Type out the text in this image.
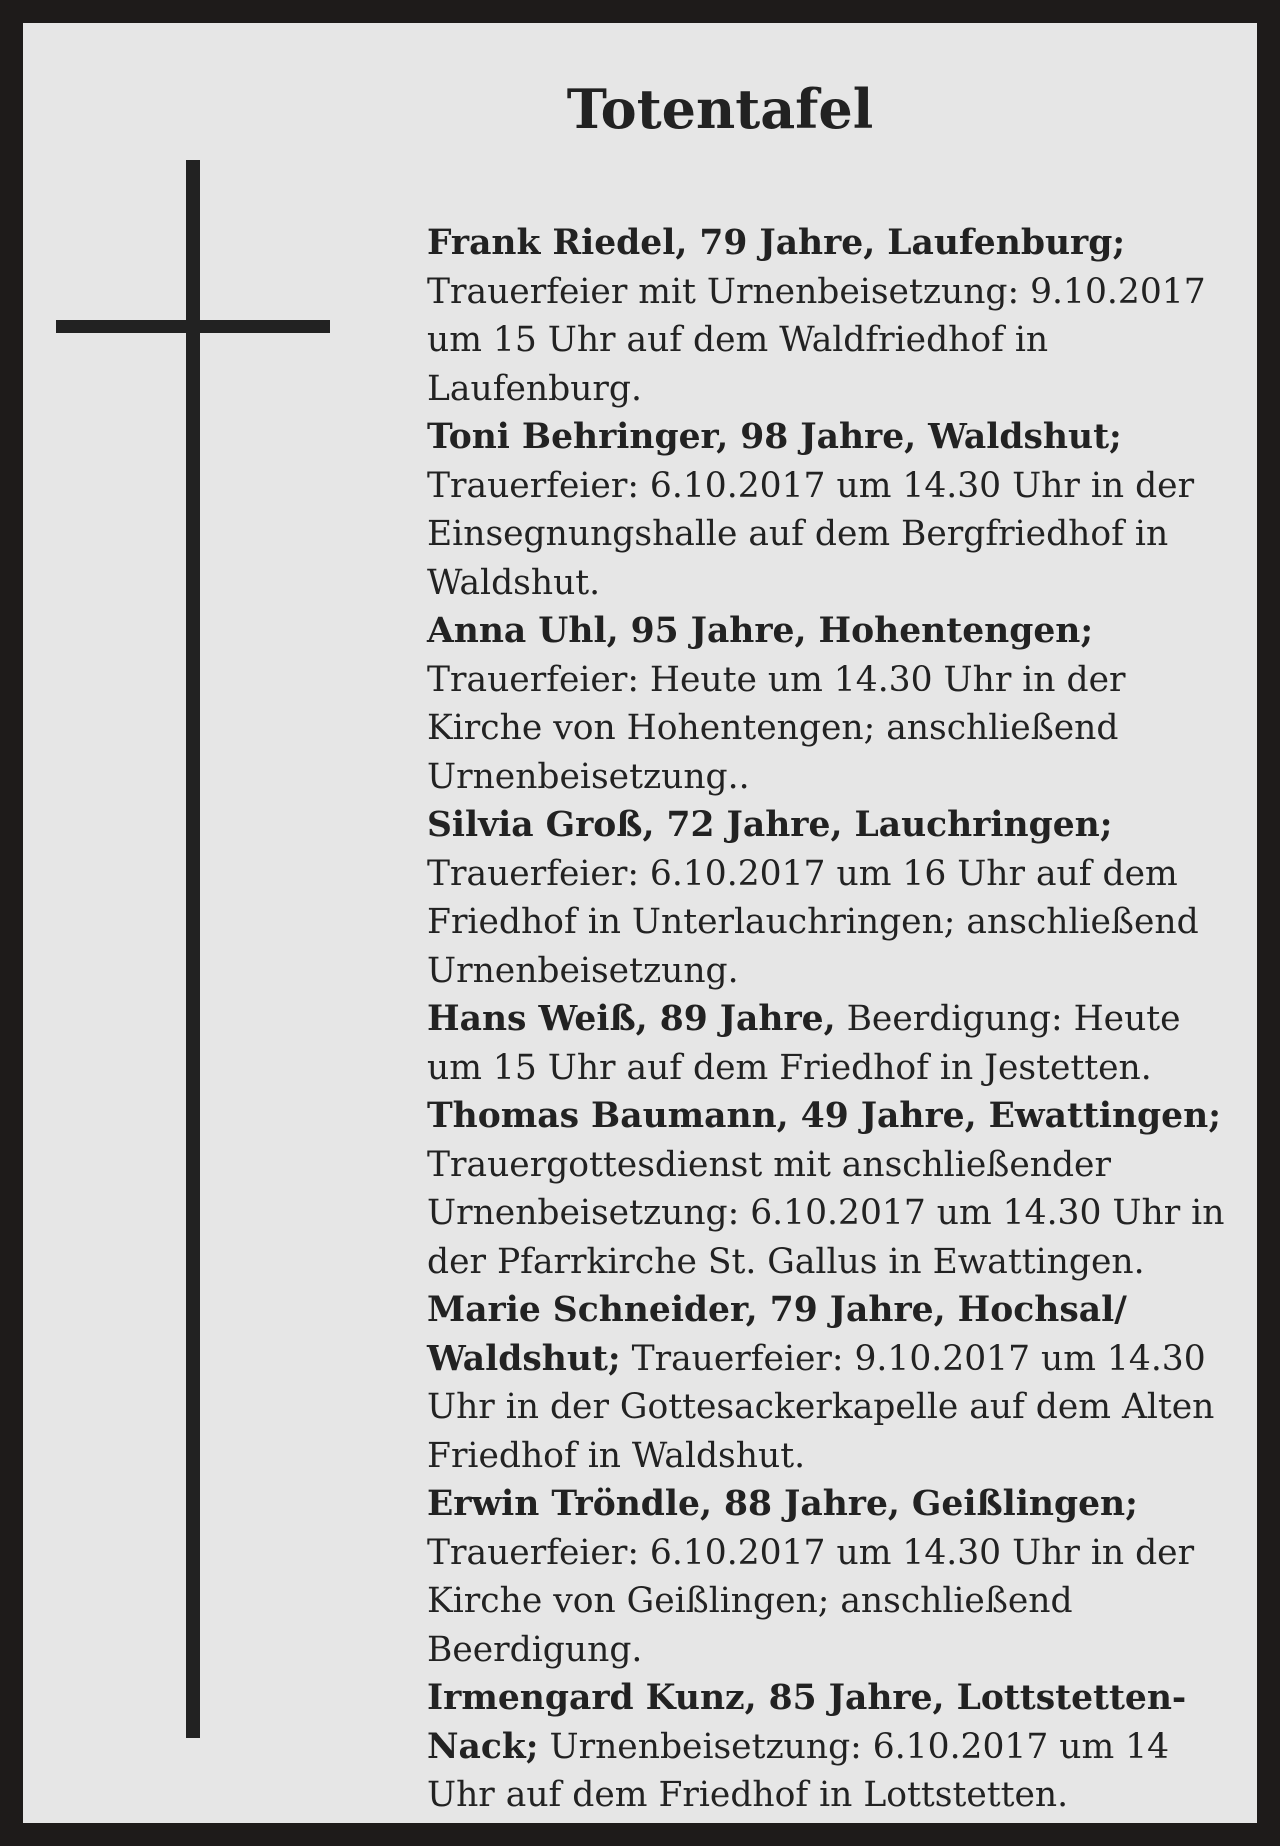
Totentafel

Frank Riedel, 79 Jahre, Laufenburg; Trauerfeier mit Urnenbeisetzung: 9.10.2017 um 15 Uhr auf dem Waldfriedhof in Laufenburg.

Toni Behringer, 98 Jahre, Waldshut; Trauerfeier: 6.10.2017 um 14.30 Uhr in der Einsegnungshalle auf dem Bergfriedhof in Waldshut.

Anna Uhl, 95 Jahre, Hohentengen; Trauerfeier: Heute um 14.30 Uhr in der Kirche von Hohentengen; anschließend Urnenbeisetzung..

Silvia Groß, 72 Jahre, Lauchringen; Trauerfeier: 6.10.2017 um 16 Uhr auf dem Friedhof in Unterlauchringen; anschließend Urnenbeisetzung.

Hans Weiß, 89 Jahre, Beerdigung: Heute um 15 Uhr auf dem Friedhof in Jestetten.

Thomas Baumann, 49 Jahre, Ewattingen; Trauergottesdienst mit anschließender Urnenbeisetzung: 6.10.2017 um 14.30 Uhr in der Pfarrkirche St. Gallus in Ewattingen.

Marie Schneider, 79 Jahre, Hochsal/ Waldshut; Trauerfeier: 9.10.2017 um 14.30 Uhr in der Gottesackerkapelle auf dem Alten Friedhof in Waldshut.

Erwin Tröndle, 88 Jahre, Geißlingen; Trauerfeier: 6.10.2017 um 14.30 Uhr in der Kirche von Geißlingen; anschließend Beerdigung.

Irmengard Kunz, 85 Jahre, Lottstetten-Nack; Urnenbeisetzung: 6.10.2017 um 14 Uhr auf dem Friedhof in Lottstetten.
